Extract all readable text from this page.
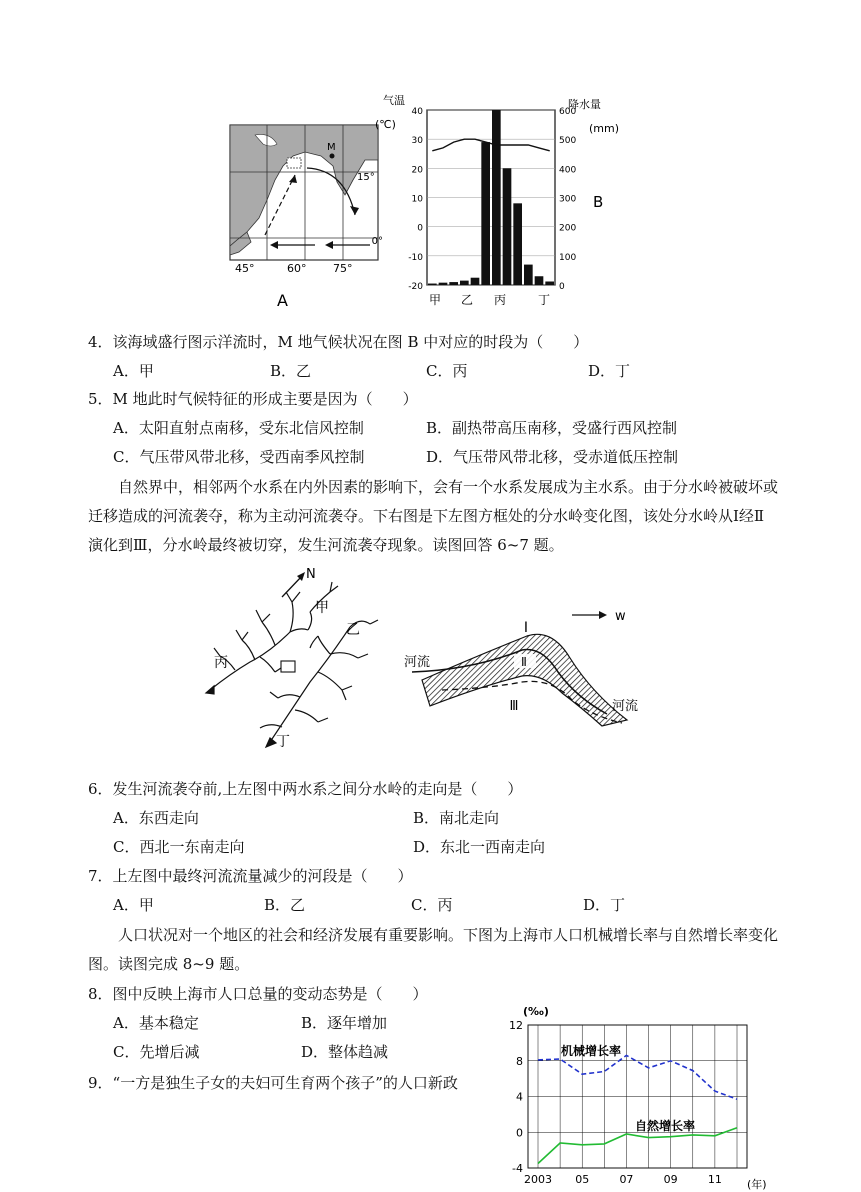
M
15°
0°
45°	60° 75°
A
气温
(℃)
降水量
(mm)
B
40	600
30	500
20	400
10	300
0	200
-10	100
-20	0
甲 乙 丙	丁
4．该海域盛行图示洋流时，M 地气候状况在图 B 中对应的时段为（　　）
A．甲	B．乙	C．丙	D．丁
5．M 地此时气候特征的形成主要是因为（　　）
A．太阳直射点南移，受东北信风控制	B．副热带高压南移，受盛行西风控制
C．气压带风带北移，受西南季风控制	D．气压带风带北移，受赤道低压控制
自然界中，相邻两个水系在内外因素的影响下，会有一个水系发展成为主水系。由于分水岭被破坏或迁移造成的河流袭夺，称为主动河流袭夺。下右图是下左图方框处的分水岭变化图，该处分水岭从Ⅰ经Ⅱ演化到Ⅲ，分水岭最终被切穿，发生河流袭夺现象。读图回答 6~7 题。
N
甲
乙
丙
丁
w
Ⅰ
Ⅱ
Ⅲ
河流
河流
6．发生河流袭夺前,上左图中两水系之间分水岭的走向是（　　）
A．东西走向	B．南北走向
C．西北一东南走向	D．东北一西南走向
7．上左图中最终河流流量减少的河段是（　　）
A．甲	B．乙	C．丙	D．丁
人口状况对一个地区的社会和经济发展有重要影响。下图为上海市人口机械增长率与自然增长率变化图。读图完成 8~9 题。
8．图中反映上海市人口总量的变动态势是（　　）
A．基本稳定	B．逐年增加
C．先增后减	D．整体趋减
9．“一方是独生子女的夫妇可生育两个孩子”的人口新政
(‰)
12
8
4
0
-4
2003 05	07	09	11
机械增长率
自然增长率
(年)
